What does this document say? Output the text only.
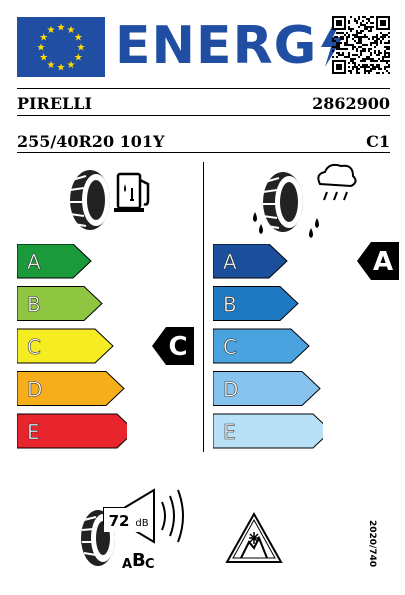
★
★
★
★
★
★
★
★
★ ★ ★
★ ENERG
PIRELLI	2862900
255/40R20 101Y	C1
A
B
C
D
E
C
A
B
C
D
E
A
72 dB
A B C	2020/740
